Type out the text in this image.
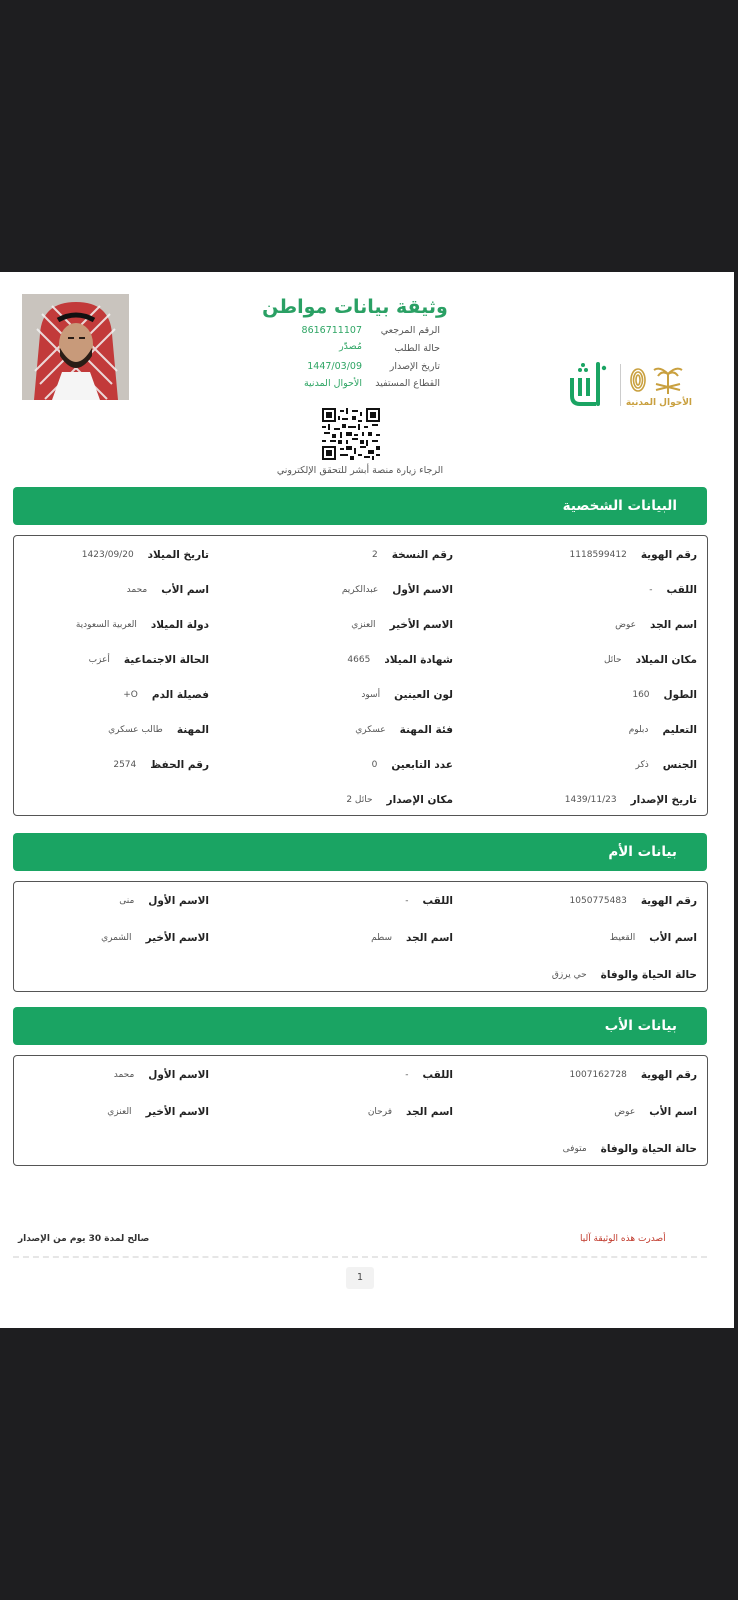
وثيقة بيانات مواطن
الرقم المرجعي
8616711107
حالة الطلب
مُصدّر
تاريخ الإصدار
1447/03/09
القطاع المستفيد
الأحوال المدنية
الرجاء زيارة منصة أبشر للتحقق الإلكتروني
الأحوال المدنية
البيانات الشخصية
رقم الهوية
1118599412
رقم النسخة
2
تاريخ الميلاد
1423/09/20
اللقب
-
الاسم الأول
عبدالكريم
اسم الأب
محمد
اسم الجد
عوض
الاسم الأخير
العنزي
دولة الميلاد
العربية السعودية
مكان الميلاد
حائل
شهادة الميلاد
4665
الحالة الاجتماعية
أعزب
الطول
160
لون العينين
أسود
فصيلة الدم
O+
التعليم
دبلوم
فئة المهنة
عسكري
المهنة
طالب عسكري
الجنس
ذكر
عدد التابعين
0
رقم الحفظ
2574
تاريخ الإصدار
1439/11/23
مكان الإصدار
حائل 2
بيانات الأم
رقم الهوية
1050775483
اللقب
-
الاسم الأول
منى
اسم الأب
القعيط
اسم الجد
سطم
الاسم الأخير
الشمري
حالة الحياة والوفاة
حي يرزق
بيانات الأب
رقم الهوية
1007162728
اللقب
-
الاسم الأول
محمد
اسم الأب
عوض
اسم الجد
فرحان
الاسم الأخير
العنزي
حالة الحياة والوفاة
متوفى
صالح لمدة 30 يوم من الإصدار	أصدرت هذه الوثيقة آليا
1
